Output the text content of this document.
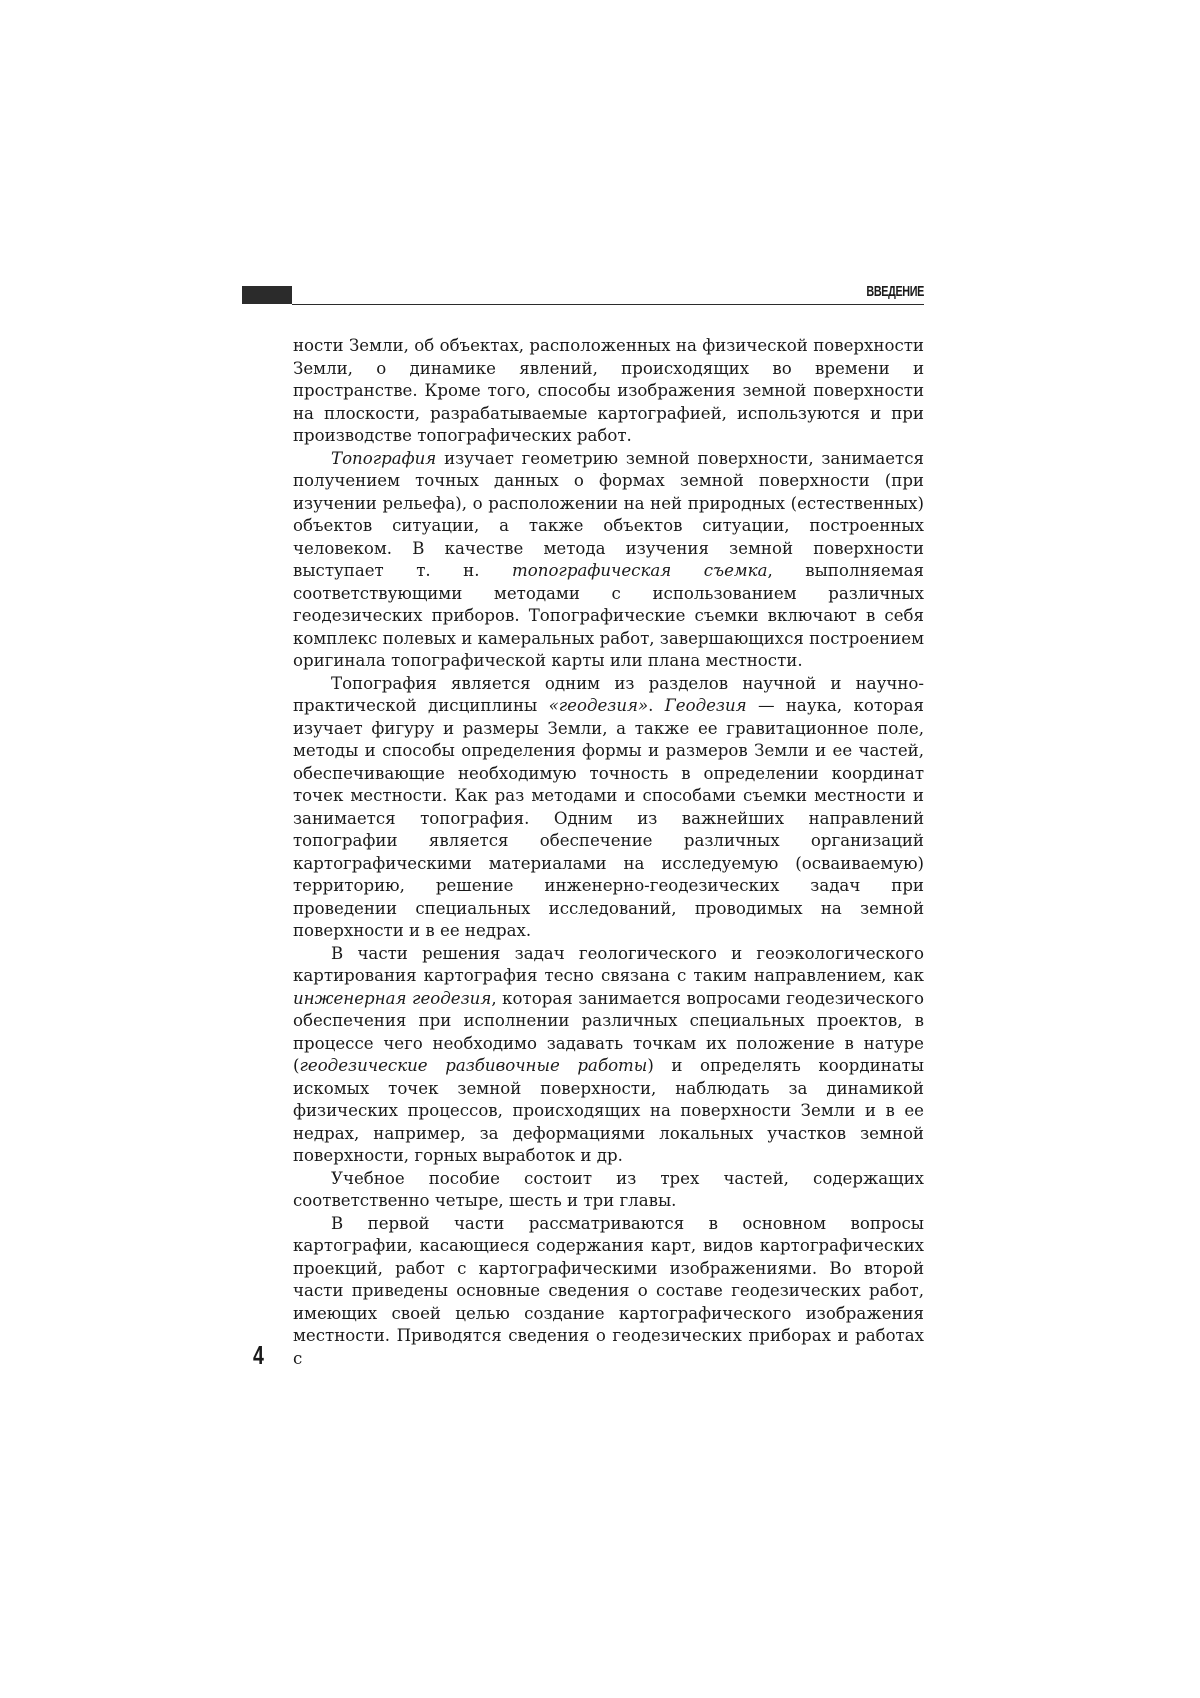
ВВЕДЕНИЕ

ности Земли, об объектах, расположенных на физической поверхности Земли, о динамике явлений, происходящих во времени и пространстве. Кроме того, способы изображения земной поверхности на плоскости, разрабатываемые картографией, используются и при производстве топографических работ.

Топография изучает геометрию земной поверхности, занимается получением точных данных о формах земной поверхности (при изучении рельефа), о расположении на ней природных (естественных) объектов ситуации, а также объектов ситуации, построенных человеком. В качестве метода изучения земной поверхности выступает т. н. топографическая съемка, выполняемая соответствующими методами с использованием различных геодезических приборов. Топографические съемки включают в себя комплекс полевых и камеральных работ, завершающихся построением оригинала топографической карты или плана местности.

Топография является одним из разделов научной и научно-практической дисциплины «геодезия». Геодезия — наука, которая изучает фигуру и размеры Земли, а также ее гравитационное поле, методы и способы определения формы и размеров Земли и ее частей, обеспечивающие необходимую точность в определении координат точек местности. Как раз методами и способами съемки местности и занимается топография. Одним из важнейших направлений топографии является обеспечение различных организаций картографическими материалами на исследуемую (осваиваемую) территорию, решение инженерно-геодезических задач при проведении специальных исследований, проводимых на земной поверхности и в ее недрах.

В части решения задач геологического и геоэкологического картирования картография тесно связана с таким направлением, как инженерная геодезия, которая занимается вопросами геодезического обеспечения при исполнении различных специальных проектов, в процессе чего необходимо задавать точкам их положение в натуре (геодезические разбивочные работы) и определять координаты искомых точек земной поверхности, наблюдать за динамикой физических процессов, происходящих на поверхности Земли и в ее недрах, например, за деформациями локальных участков земной поверхности, горных выработок и др.

Учебное пособие состоит из трех частей, содержащих соответственно четыре, шесть и три главы.

В первой части рассматриваются в основном вопросы картографии, касающиеся содержания карт, видов картографических проекций, работ с картографическими изображениями. Во второй части приведены основные сведения о составе геодезических работ, имеющих своей целью создание картографического изображения местности. Приводятся сведения о геодезических приборах и работах с

4
